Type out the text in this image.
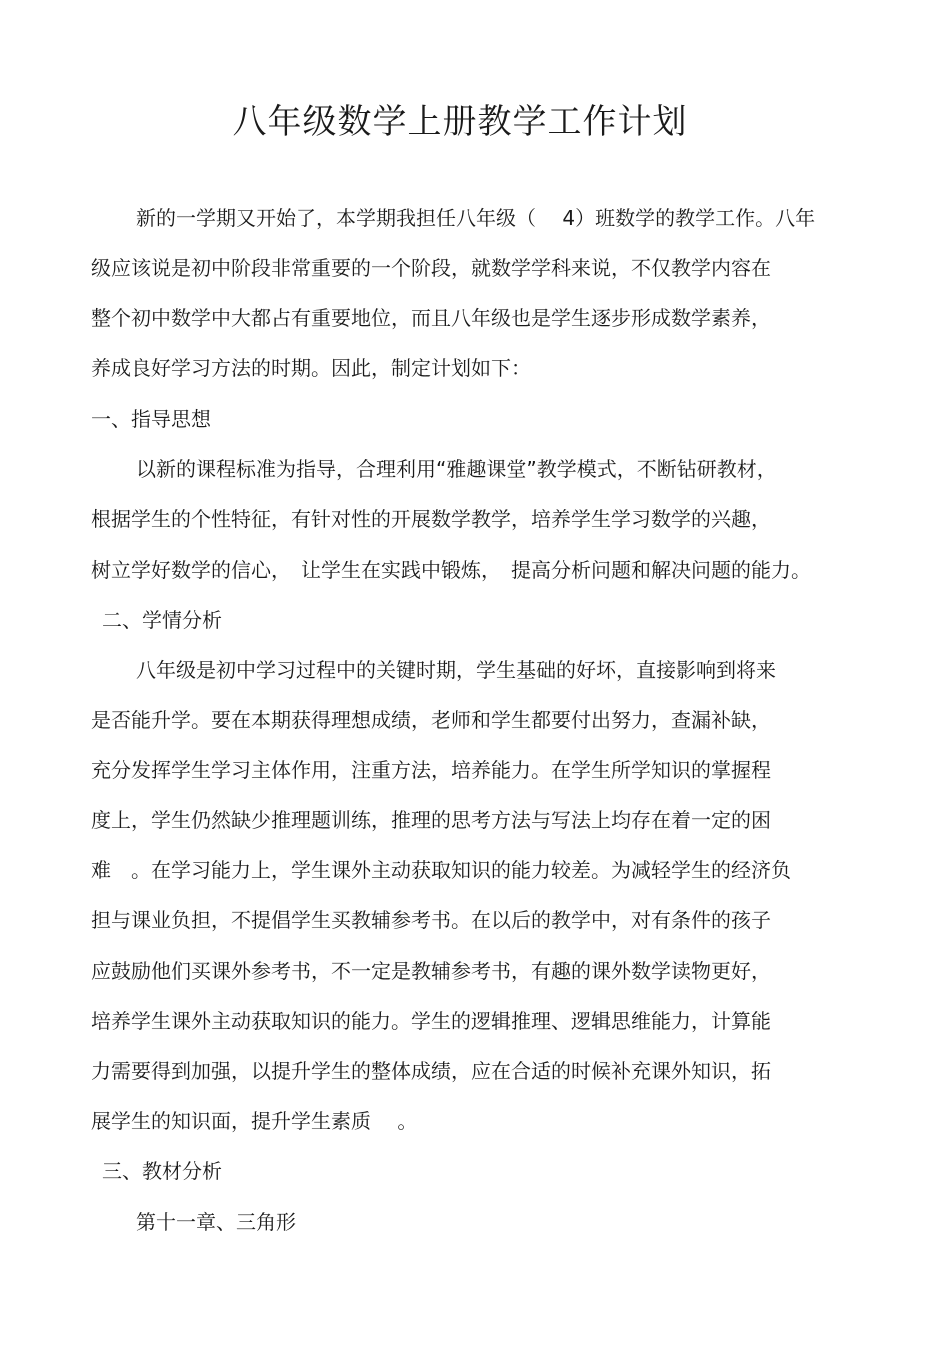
八年级数学上册教学工作计划
新的一学期又开始了，本学期我担任八年级（　 4）班数学的教学工作。八年
级应该说是初中阶段非常重要的一个阶段，就数学学科来说，不仅教学内容在
整个初中数学中大都占有重要地位，而且八年级也是学生逐步形成数学素养，
养成良好学习方法的时期。因此，制定计划如下：
一、指导思想
以新的课程标准为指导，合理利用“雅趣课堂”教学模式，不断钻研教材，
根据学生的个性特征，有针对性的开展数学教学，培养学生学习数学的兴趣，
树立学好数学的信心，　让学生在实践中锻炼，　提高分析问题和解决问题的能力。
二、学情分析
八年级是初中学习过程中的关键时期，学生基础的好坏，直接影响到将来
是否能升学。要在本期获得理想成绩，老师和学生都要付出努力，查漏补缺，
充分发挥学生学习主体作用，注重方法，培养能力。在学生所学知识的掌握程
度上，学生仍然缺少推理题训练，推理的思考方法与写法上均存在着一定的困
难　。在学习能力上，学生课外主动获取知识的能力较差。为减轻学生的经济负
担与课业负担，不提倡学生买教辅参考书。在以后的教学中，对有条件的孩子
应鼓励他们买课外参考书，不一定是教辅参考书，有趣的课外数学读物更好，
培养学生课外主动获取知识的能力。学生的逻辑推理、逻辑思维能力，计算能
力需要得到加强，以提升学生的整体成绩，应在合适的时候补充课外知识，拓
展学生的知识面，提升学生素质　 。
三、教材分析
第十一章、三角形
